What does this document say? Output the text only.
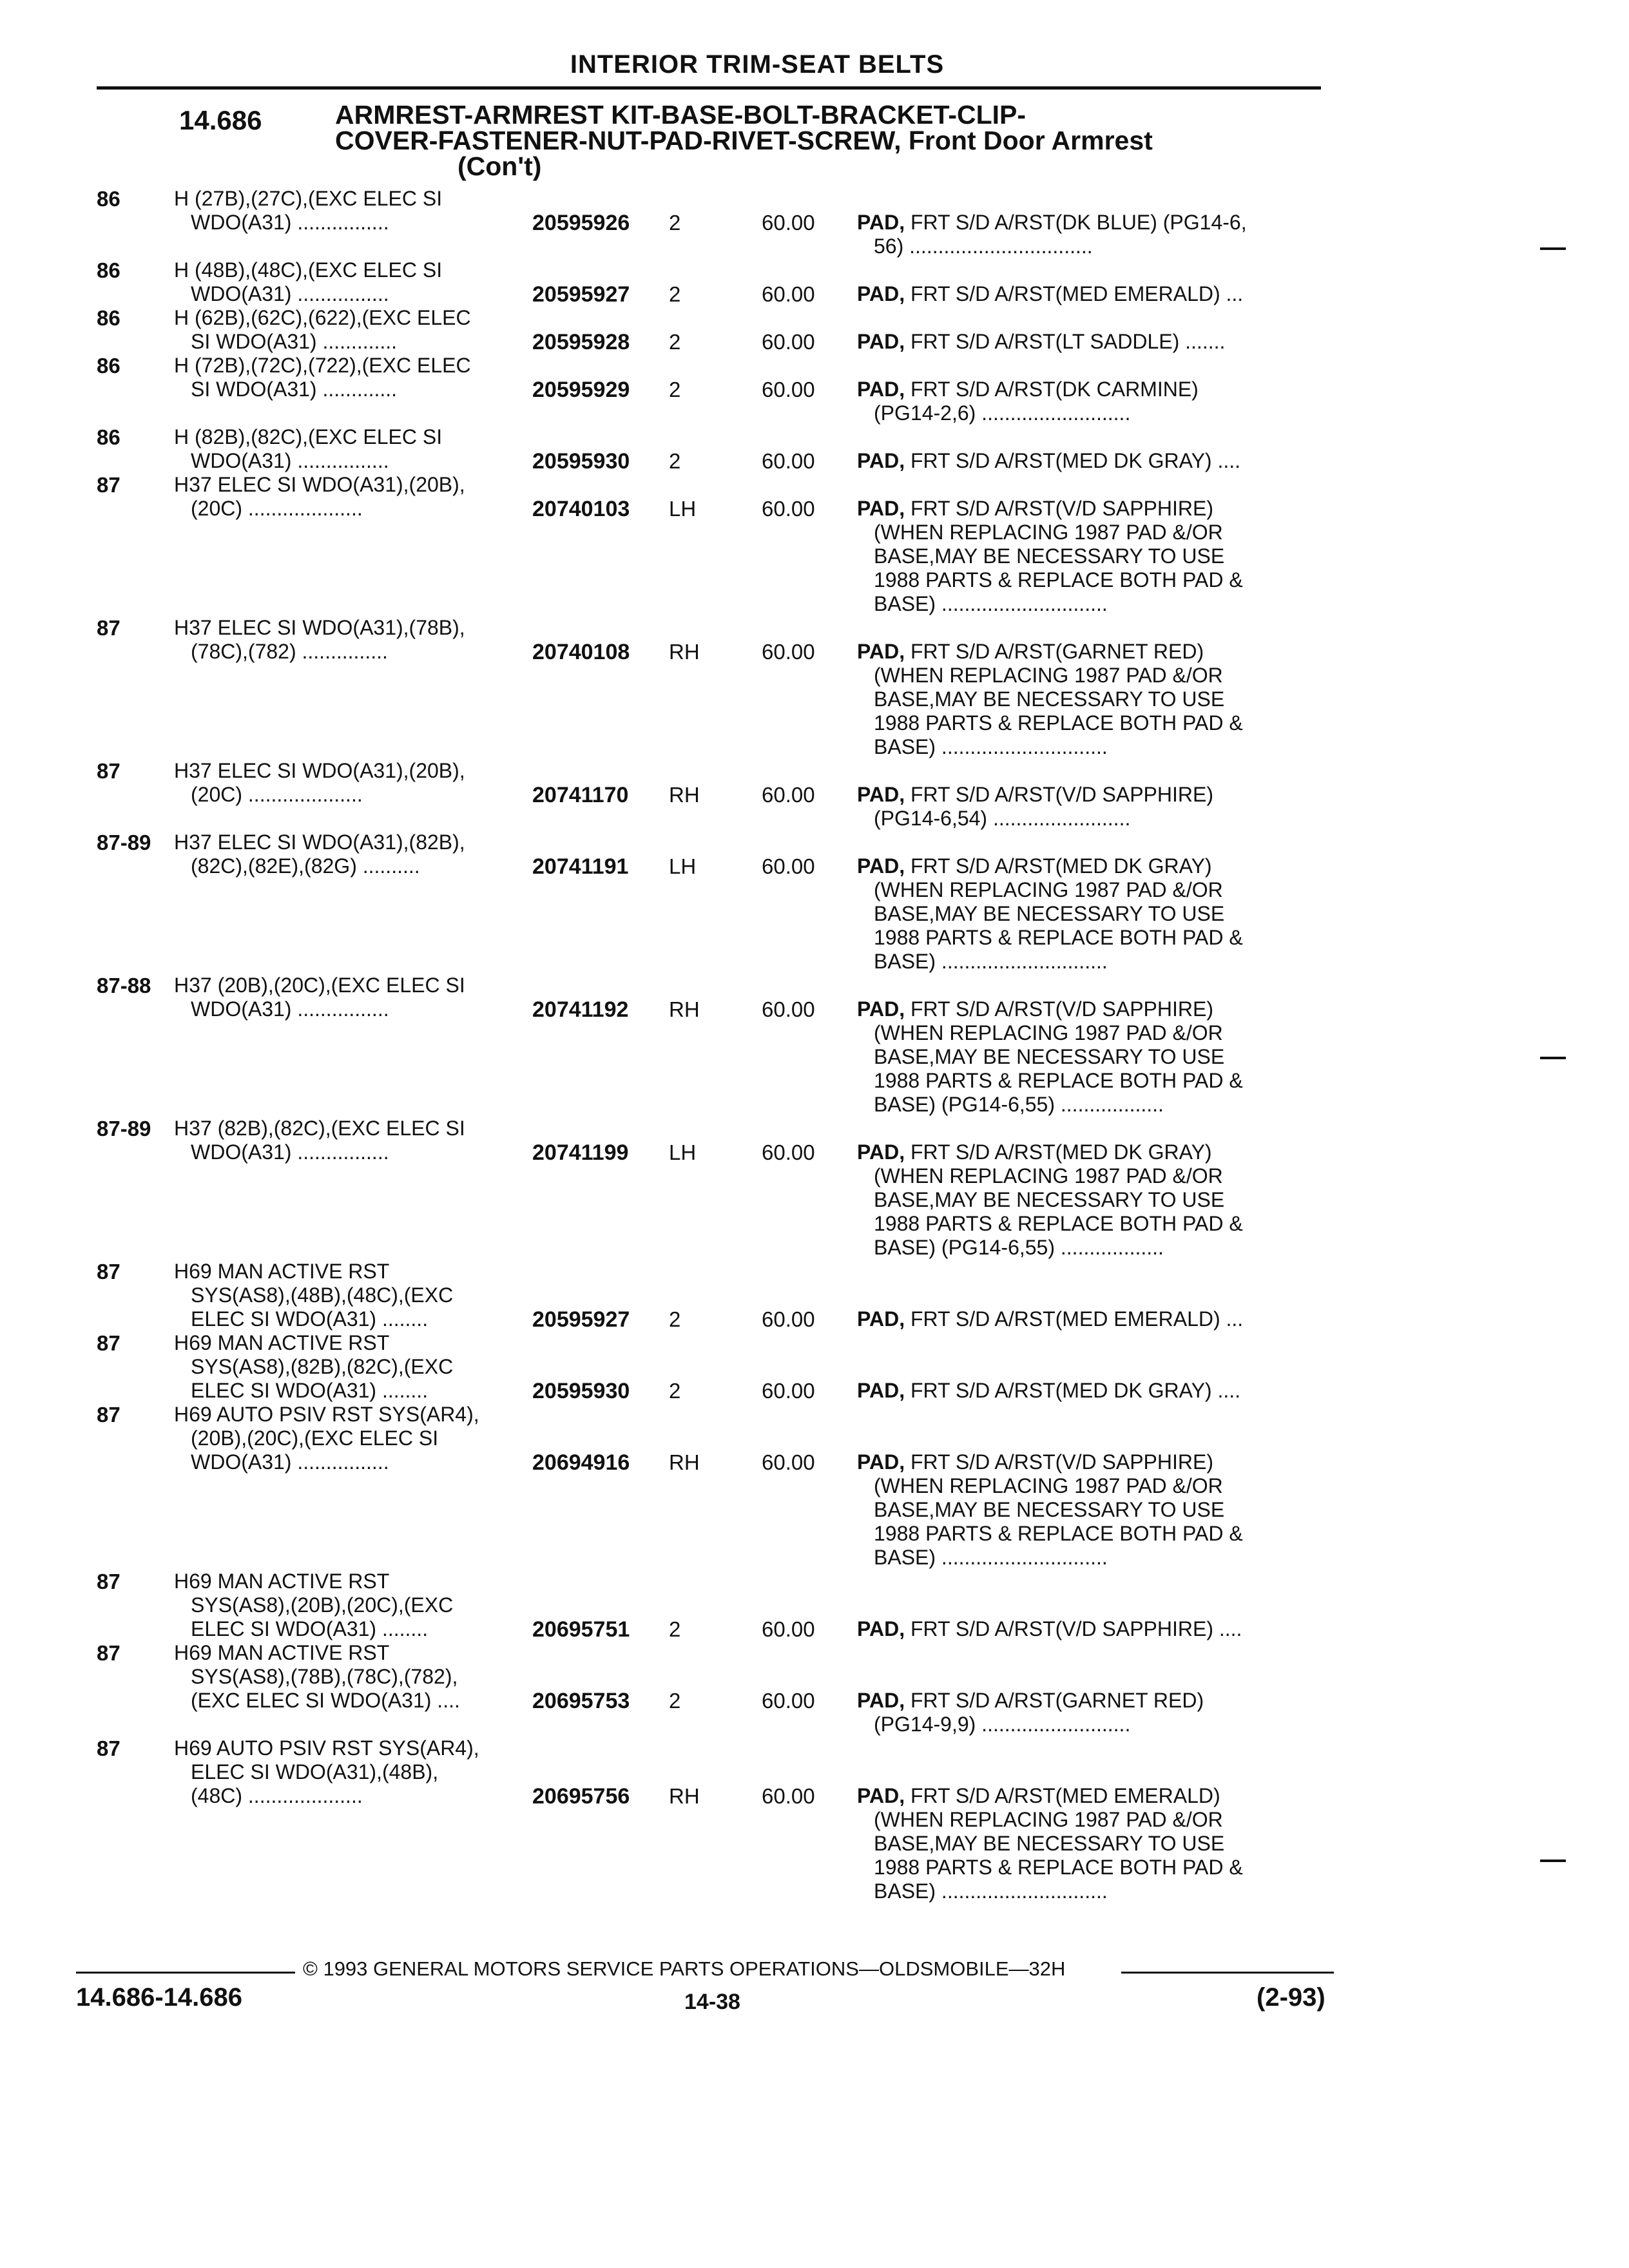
INTERIOR TRIM-SEAT BELTS
14.686	ARMREST-ARMREST KIT-BASE-BOLT-BRACKET-CLIP-
COVER-FASTENER-NUT-PAD-RIVET-SCREW, Front Door Armrest
(Con't)
86	H (27B),(27C),(EXC ELEC SI
WDO(A31) ................	20595926 2	60.00 PAD, FRT S/D A/RST(DK BLUE) (PG14-6,
56) ................................
86	H (48B),(48C),(EXC ELEC SI
WDO(A31) ................	20595927 2	60.00 PAD, FRT S/D A/RST(MED EMERALD) ...
86	H (62B),(62C),(622),(EXC ELEC
SI WDO(A31) .............	20595928 2	60.00 PAD, FRT S/D A/RST(LT SADDLE) .......
86	H (72B),(72C),(722),(EXC ELEC
SI WDO(A31) .............	20595929 2	60.00 PAD, FRT S/D A/RST(DK CARMINE)
(PG14-2,6) ..........................
86	H (82B),(82C),(EXC ELEC SI
WDO(A31) ................	20595930 2	60.00 PAD, FRT S/D A/RST(MED DK GRAY) ....
87	H37 ELEC SI WDO(A31),(20B),
(20C) ....................	20740103 LH	60.00 PAD, FRT S/D A/RST(V/D SAPPHIRE)
(WHEN REPLACING 1987 PAD &/OR
BASE,MAY BE NECESSARY TO USE
1988 PARTS & REPLACE BOTH PAD &
BASE) .............................
87	H37 ELEC SI WDO(A31),(78B),
(78C),(782) ...............	20740108 RH	60.00 PAD, FRT S/D A/RST(GARNET RED)
(WHEN REPLACING 1987 PAD &/OR
BASE,MAY BE NECESSARY TO USE
1988 PARTS & REPLACE BOTH PAD &
BASE) .............................
87	H37 ELEC SI WDO(A31),(20B),
(20C) ....................	20741170 RH	60.00 PAD, FRT S/D A/RST(V/D SAPPHIRE)
(PG14-6,54) ........................
87-89 H37 ELEC SI WDO(A31),(82B),
(82C),(82E),(82G) ..........	20741191 LH	60.00 PAD, FRT S/D A/RST(MED DK GRAY)
(WHEN REPLACING 1987 PAD &/OR
BASE,MAY BE NECESSARY TO USE
1988 PARTS & REPLACE BOTH PAD &
BASE) .............................
87-88 H37 (20B),(20C),(EXC ELEC SI
WDO(A31) ................	20741192 RH	60.00 PAD, FRT S/D A/RST(V/D SAPPHIRE)
(WHEN REPLACING 1987 PAD &/OR
BASE,MAY BE NECESSARY TO USE
1988 PARTS & REPLACE BOTH PAD &
BASE) (PG14-6,55) ..................
87-89 H37 (82B),(82C),(EXC ELEC SI
WDO(A31) ................	20741199 LH	60.00 PAD, FRT S/D A/RST(MED DK GRAY)
(WHEN REPLACING 1987 PAD &/OR
BASE,MAY BE NECESSARY TO USE
1988 PARTS & REPLACE BOTH PAD &
BASE) (PG14-6,55) ..................
87	H69 MAN ACTIVE RST
SYS(AS8),(48B),(48C),(EXC
ELEC SI WDO(A31) ........	20595927 2	60.00 PAD, FRT S/D A/RST(MED EMERALD) ...
87	H69 MAN ACTIVE RST
SYS(AS8),(82B),(82C),(EXC
ELEC SI WDO(A31) ........	20595930 2	60.00 PAD, FRT S/D A/RST(MED DK GRAY) ....
87	H69 AUTO PSIV RST SYS(AR4),
(20B),(20C),(EXC ELEC SI
WDO(A31) ................	20694916 RH	60.00 PAD, FRT S/D A/RST(V/D SAPPHIRE)
(WHEN REPLACING 1987 PAD &/OR
BASE,MAY BE NECESSARY TO USE
1988 PARTS & REPLACE BOTH PAD &
BASE) .............................
87	H69 MAN ACTIVE RST
SYS(AS8),(20B),(20C),(EXC
ELEC SI WDO(A31) ........	20695751 2	60.00 PAD, FRT S/D A/RST(V/D SAPPHIRE) ....
87	H69 MAN ACTIVE RST
SYS(AS8),(78B),(78C),(782),
(EXC ELEC SI WDO(A31) ....	20695753 2	60.00 PAD, FRT S/D A/RST(GARNET RED)
(PG14-9,9) ..........................
87	H69 AUTO PSIV RST SYS(AR4),
ELEC SI WDO(A31),(48B),
(48C) ....................	20695756 RH	60.00 PAD, FRT S/D A/RST(MED EMERALD)
(WHEN REPLACING 1987 PAD &/OR
BASE,MAY BE NECESSARY TO USE
1988 PARTS & REPLACE BOTH PAD &
BASE) .............................
© 1993 GENERAL MOTORS SERVICE PARTS OPERATIONS—OLDSMOBILE—32H
14.686-14.686	14-38	(2-93)
